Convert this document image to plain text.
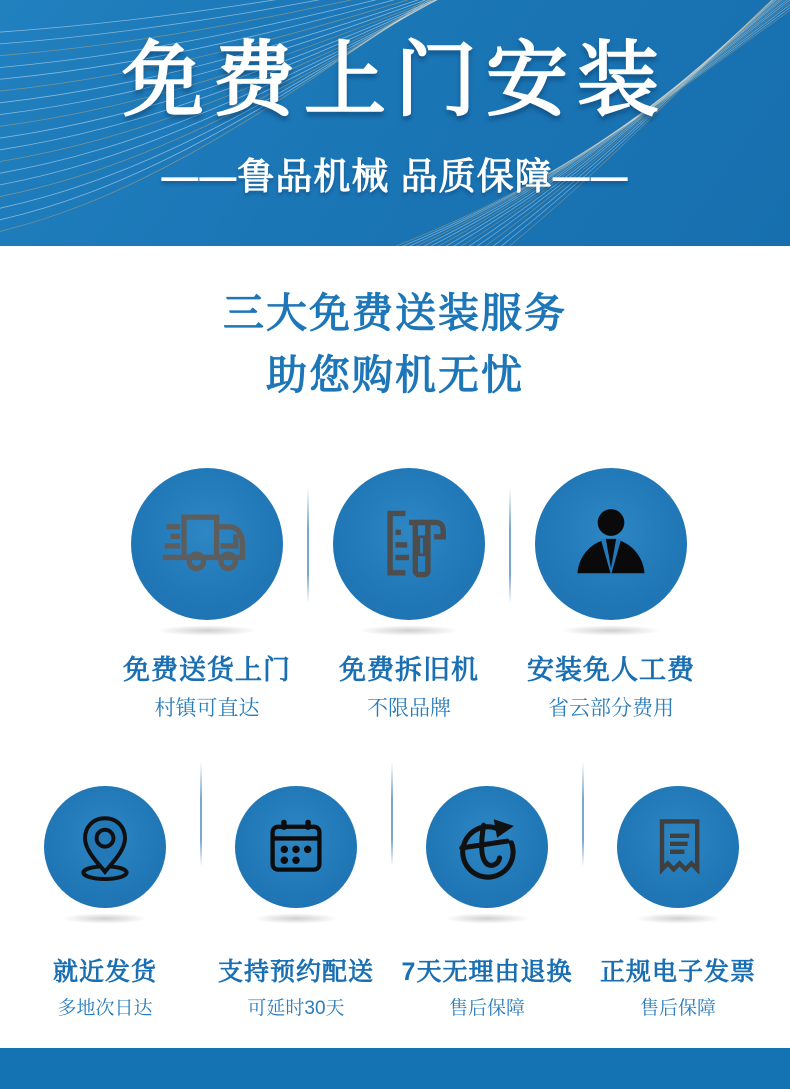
免费上门安装
——鲁品机械 品质保障——
三大免费送装服务
助您购机无忧
免费送货上门
村镇可直达
免费拆旧机
不限品牌
安装免人工费
省云部分费用
就近发货
多地次日达
支持预约配送
可延时30天
7天无理由退换
售后保障
正规电子发票
售后保障
